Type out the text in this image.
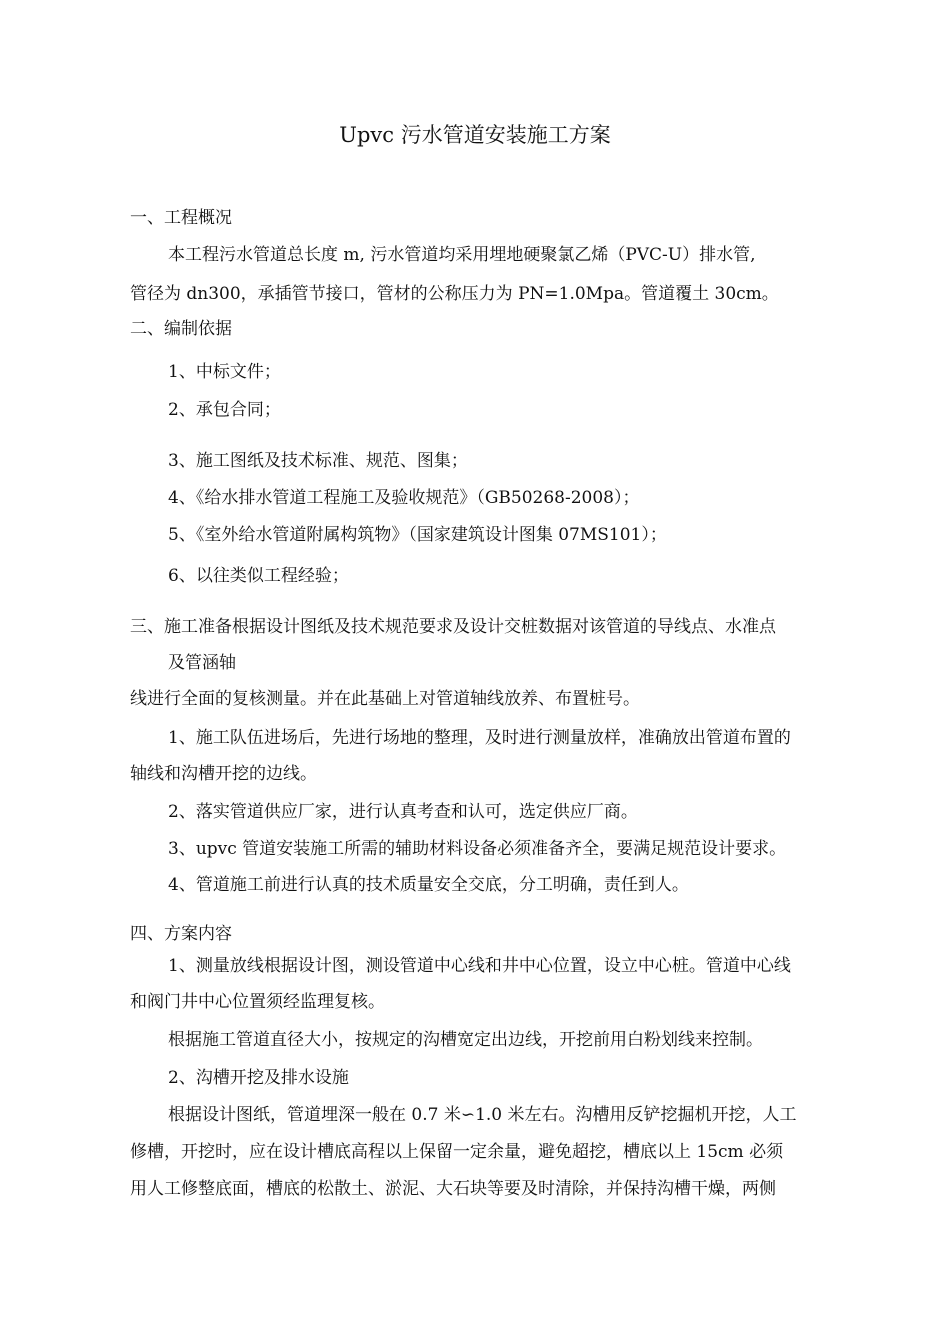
Upvc 污水管道安装施工方案
一、工程概况
本工程污水管道总长度 m, 污水管道均采用埋地硬聚氯乙烯（PVC-U）排水管,
管径为 dn300，承插管节接口，管材的公称压力为 PN=1.0Mpa。管道覆土 30cm。
二、编制依据
1、中标文件；
2、承包合同；
3、施工图纸及技术标准、规范、图集；
4、《给水排水管道工程施工及验收规范》（GB50268-2008）；
5、《室外给水管道附属构筑物》（国家建筑设计图集 07MS101）；
6、以往类似工程经验；
三、施工准备根据设计图纸及技术规范要求及设计交桩数据对该管道的导线点、水准点
及管涵轴
线进行全面的复核测量。并在此基础上对管道轴线放养、布置桩号。
1、施工队伍进场后，先进行场地的整理，及时进行测量放样，准确放出管道布置的
轴线和沟槽开挖的边线。
2、落实管道供应厂家，进行认真考查和认可，选定供应厂商。
3、upvc 管道安装施工所需的辅助材料设备必须准备齐全，要满足规范设计要求。
4、管道施工前进行认真的技术质量安全交底，分工明确，责任到人。
四、方案内容
1、测量放线根据设计图，测设管道中心线和井中心位置，设立中心桩。管道中心线
和阀门井中心位置须经监理复核。
根据施工管道直径大小，按规定的沟槽宽定出边线，开挖前用白粉划线来控制。
2、沟槽开挖及排水设施
根据设计图纸，管道埋深一般在 0.7 米∽1.0 米左右。沟槽用反铲挖掘机开挖，人工
修槽，开挖时，应在设计槽底高程以上保留一定余量，避免超挖，槽底以上 15cm 必须
用人工修整底面，槽底的松散土、淤泥、大石块等要及时清除，并保持沟槽干燥，两侧
